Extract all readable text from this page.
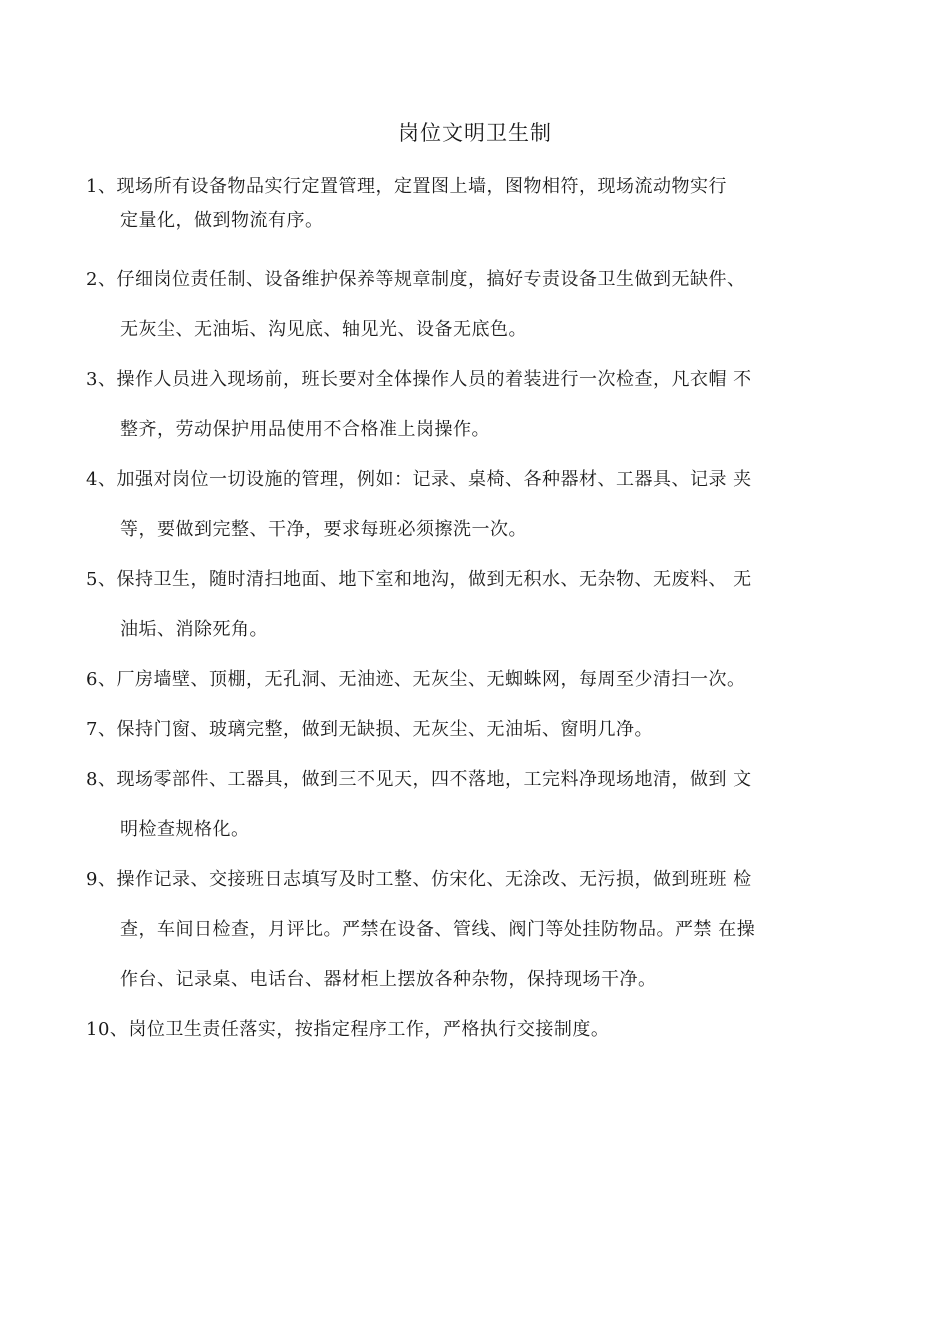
岗位文明卫生制
1、现场所有设备物品实行定置管理，定置图上墙，图物相符，现场流动物实行
定量化，做到物流有序。
2、仔细岗位责任制、设备维护保养等规章制度，搞好专责设备卫生做到无缺件、
无灰尘、无油垢、沟见底、轴见光、设备无底色。
3、操作人员进入现场前，班长要对全体操作人员的着装进行一次检查，凡衣帽 不
整齐，劳动保护用品使用不合格准上岗操作。
4、加强对岗位一切设施的管理，例如：记录、桌椅、各种器材、工器具、记录 夹
等，要做到完整、干净，要求每班必须擦洗一次。
5、保持卫生，随时清扫地面、地下室和地沟，做到无积水、无杂物、无废料、 无
油垢、消除死角。
6、厂房墙壁、顶棚，无孔洞、无油迹、无灰尘、无蜘蛛网，每周至少清扫一次。
7、保持门窗、玻璃完整，做到无缺损、无灰尘、无油垢、窗明几净。
8、现场零部件、工器具，做到三不见天，四不落地，工完料净现场地清，做到 文
明检查规格化。
9、操作记录、交接班日志填写及时工整、仿宋化、无涂改、无污损，做到班班 检
查，车间日检查，月评比。严禁在设备、管线、阀门等处挂防物品。严禁 在操
作台、记录桌、电话台、器材柜上摆放各种杂物，保持现场干净。
10、岗位卫生责任落实，按指定程序工作，严格执行交接制度。
